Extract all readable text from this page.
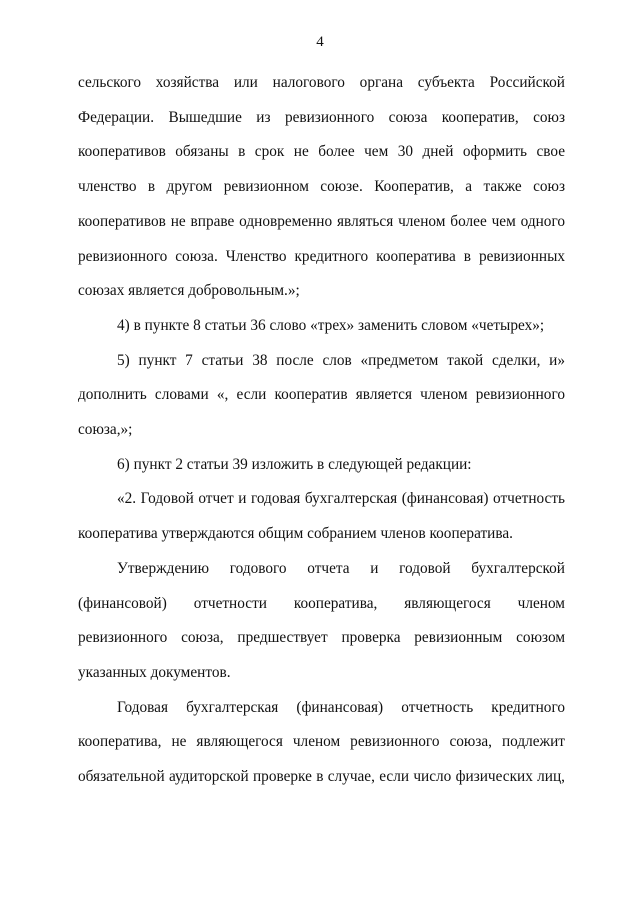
4

сельского хозяйства или налогового органа субъекта Российской Федерации. Вышедшие из ревизионного союза кооператив, союз кооперативов обязаны в срок не более чем 30 дней оформить свое членство в другом ревизионном союзе. Кооператив, а также союз кооперативов не вправе одновременно являться членом более чем одного ревизионного союза. Членство кредитного кооператива в ревизионных союзах является добровольным.»;

4) в пункте 8 статьи 36 слово «трех» заменить словом «четырех»;

5) пункт 7 статьи 38 после слов «предметом такой сделки, и» дополнить словами «, если кооператив является членом ревизионного союза,»;

6) пункт 2 статьи 39 изложить в следующей редакции:

«2. Годовой отчет и годовая бухгалтерская (финансовая) отчетность кооператива утверждаются общим собранием членов кооператива.

Утверждению годового отчета и годовой бухгалтерской (финансовой) отчетности кооператива, являющегося членом ревизионного союза, предшествует проверка ревизионным союзом указанных документов.

Годовая бухгалтерская (финансовая) отчетность кредитного кооператива, не являющегося членом ревизионного союза, подлежит обязательной аудиторской проверке в случае, если число физических лиц,
